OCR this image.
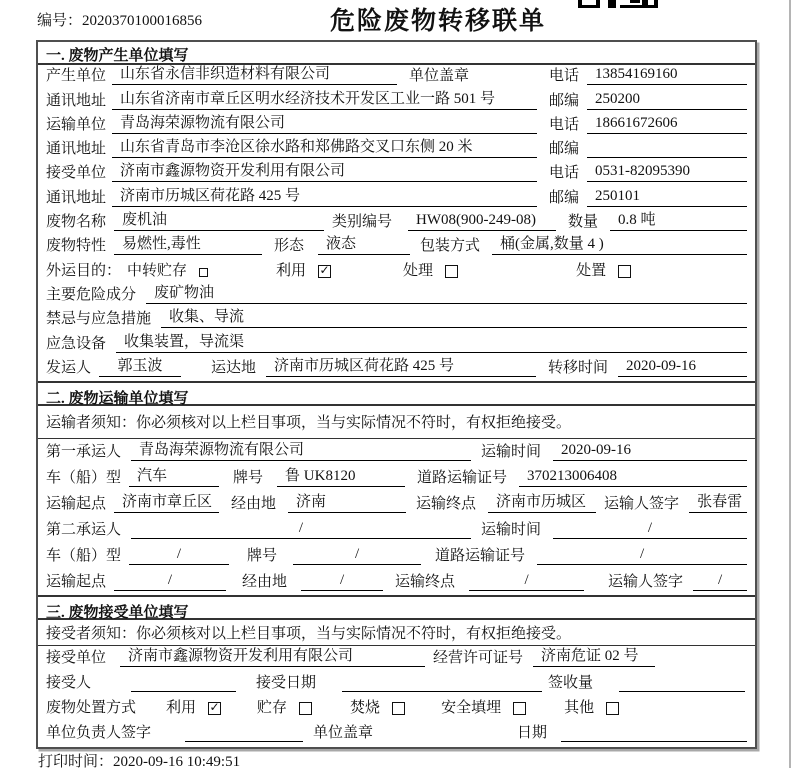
编号：2020370100016856	危险废物转移联单
一. 废物产生单位填写
产生单位 山东省永信非织造材料有限公司	单位盖章	电话	13854169160
通讯地址 山东省济南市章丘区明水经济技术开发区工业一路 501 号	邮编	250200
运输单位 青岛海荣源物流有限公司	电话	18661672606
通讯地址 山东省青岛市李沧区徐水路和郑佛路交叉口东侧 20 米	邮编
接受单位 济南市鑫源物资开发利用有限公司	电话	0531-82095390
通讯地址 济南市历城区荷花路 425 号	邮编	250101
废物名称	废机油	类别编号	HW08(900-249-08)	数量	0.8 吨
废物特性	易燃性,毒性	形态	液态	包装方式	桶(金属,数量 4 )
外运目的： 中转贮存	利用	✓	处理	处置
主要危险成分	废矿物油
禁忌与应急措施	收集、导流
应急设备	收集装置，导流渠
发运人	郭玉波	运达地	济南市历城区荷花路 425 号	转移时间	2020-09-16
二. 废物运输单位填写
运输者须知：你必须核对以上栏目事项，当与实际情况不符时，有权拒绝接受。
第一承运人	青岛海荣源物流有限公司	运输时间	2020-09-16
车（船）型	汽车	牌号	鲁 UK8120	道路运输证号	370213006408
运输起点	济南市章丘区	经由地	济南	运输终点	济南市历城区	运输人签字	张春雷
第二承运人	/	运输时间	/
车（船）型	/	牌号	/	道路运输证号	/
运输起点	/	经由地	/	运输终点	/	运输人签字	/
三. 废物接受单位填写
接受者须知：你必须核对以上栏目事项，当与实际情况不符时，有权拒绝接受。
接受单位	济南市鑫源物资开发利用有限公司	经营许可证号	济南危证 02 号
接受人	接受日期	签收量
废物处置方式	利用	✓ 贮存	焚烧	安全填埋	其他
单位负责人签字	单位盖章	日期
打印时间：2020-09-16 10:49:51
